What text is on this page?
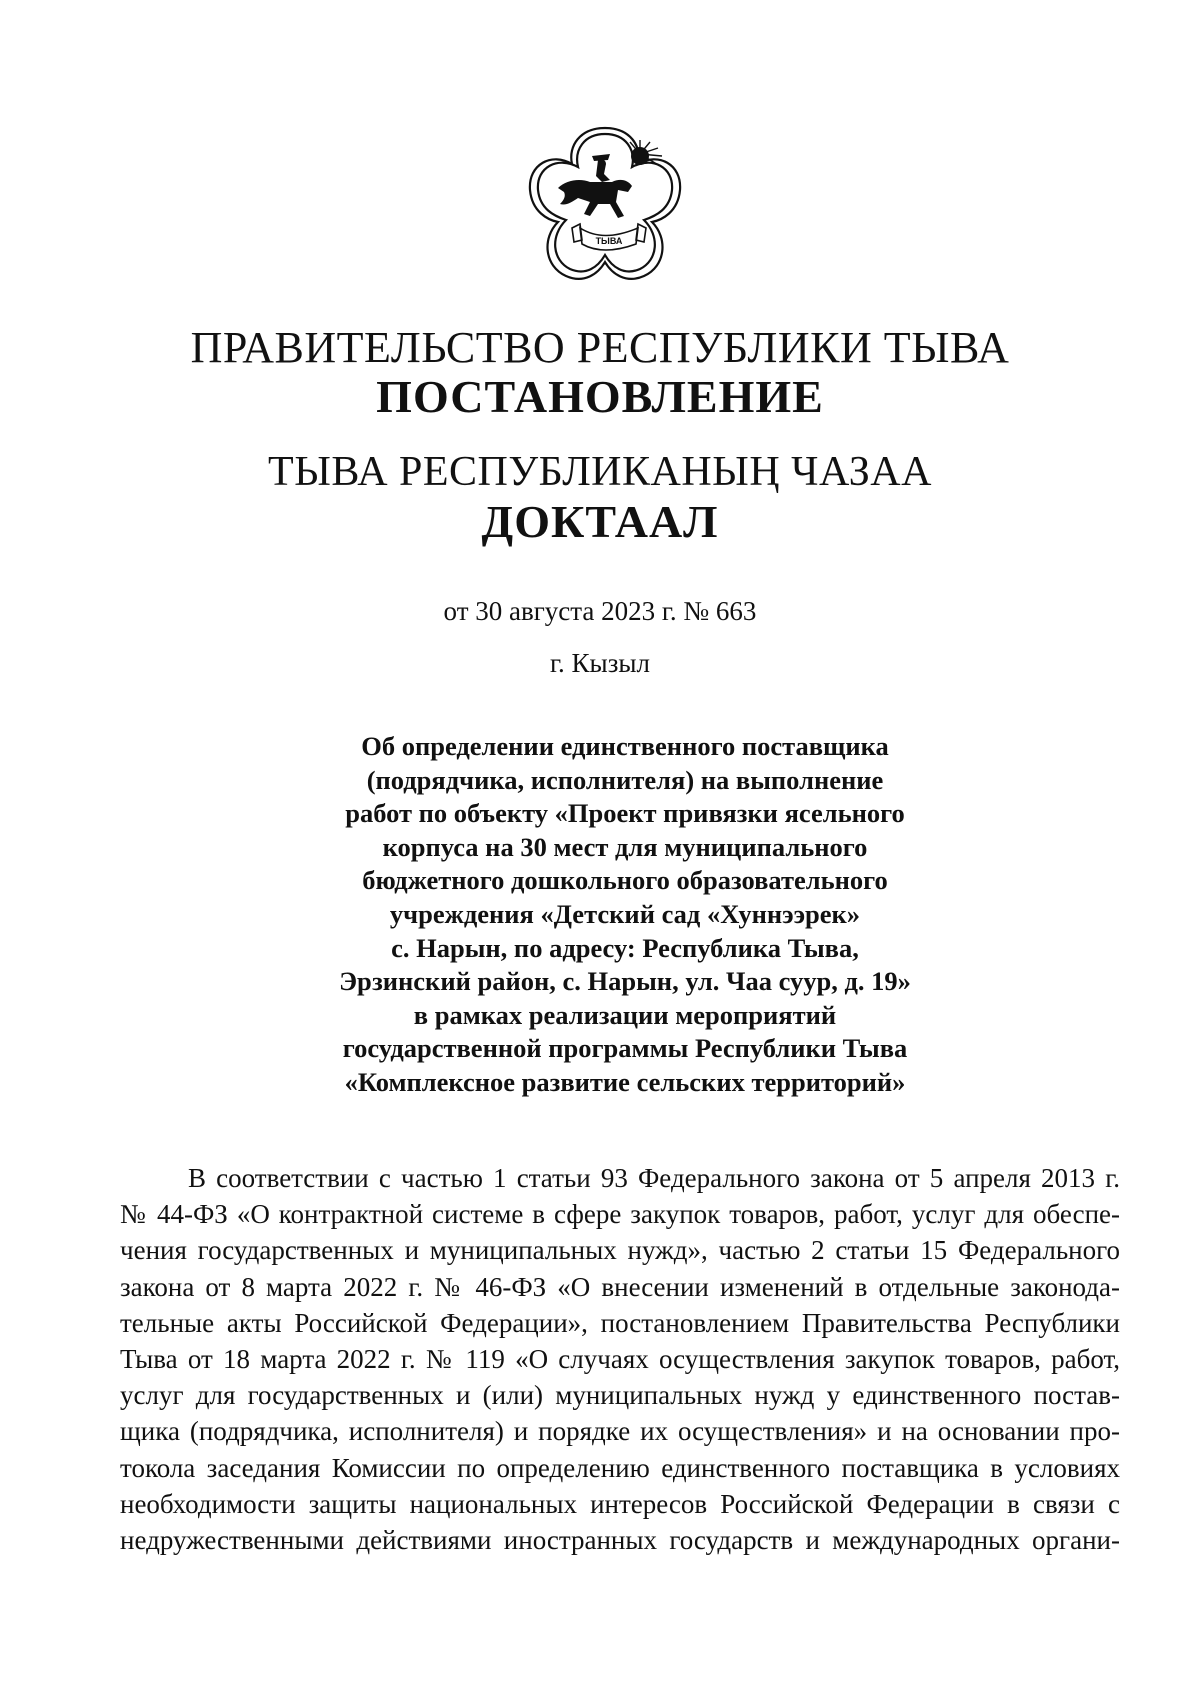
ТЫВА
ПРАВИТЕЛЬСТВО РЕСПУБЛИКИ ТЫВА
ПОСТАНОВЛЕНИЕ
ТЫВА РЕСПУБЛИКАНЫҢ ЧАЗАА
ДОКТААЛ
от 30 августа 2023 г. № 663
г. Кызыл
Об определении единственного поставщика
(подрядчика, исполнителя) на выполнение
работ по объекту «Проект привязки ясельного
корпуса на 30 мест для муниципального
бюджетного дошкольного образовательного
учреждения «Детский сад «Хуннээрек»
с. Нарын, по адресу: Республика Тыва,
Эрзинский район, с. Нарын, ул. Чаа суур, д. 19»
в рамках реализации мероприятий
государственной программы Республики Тыва
«Комплексное развитие сельских территорий»
В соответствии с частью 1 статьи 93 Федерального закона от 5 апреля 2013 г.
№ 44-ФЗ «О контрактной системе в сфере закупок товаров, работ, услуг для обеспе-
чения государственных и муниципальных нужд», частью 2 статьи 15 Федерального
закона от 8 марта 2022 г. № 46-ФЗ «О внесении изменений в отдельные законода-
тельные акты Российской Федерации», постановлением Правительства Республики
Тыва от 18 марта 2022 г. № 119 «О случаях осуществления закупок товаров, работ,
услуг для государственных и (или) муниципальных нужд у единственного постав-
щика (подрядчика, исполнителя) и порядке их осуществления» и на основании про-
токола заседания Комиссии по определению единственного поставщика в условиях
необходимости защиты национальных интересов Российской Федерации в связи с
недружественными действиями иностранных государств и международных органи-
